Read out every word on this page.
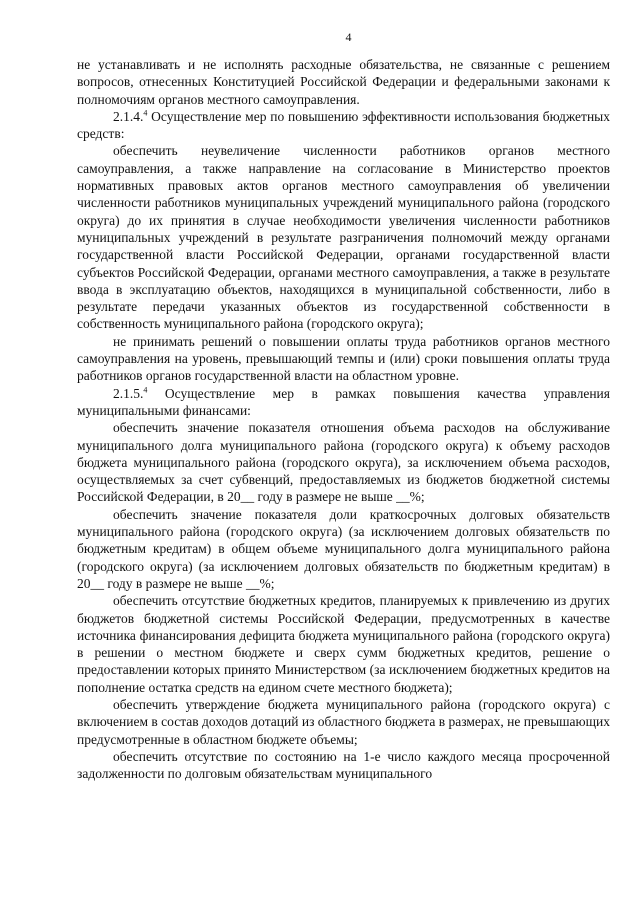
4

не устанавливать и не исполнять расходные обязательства, не связанные с решением вопросов, отнесенных Конституцией Российской Федерации и федеральными законами к полномочиям органов местного самоуправления.

2.1.4.$^4$ Осуществление мер по повышению эффективности использования бюджетных средств:

обеспечить неувеличение численности работников органов местного самоуправления, а также направление на согласование в Министерство проектов нормативных правовых актов органов местного самоуправления об увеличении численности работников муниципальных учреждений муниципального района (городского округа) до их принятия в случае необходимости увеличения численности работников муниципальных учреждений в результате разграничения полномочий между органами государственной власти Российской Федерации, органами государственной власти субъектов Российской Федерации, органами местного самоуправления, а также в результате ввода в эксплуатацию объектов, находящихся в муниципальной собственности, либо в результате передачи указанных объектов из государственной собственности в собственность муниципального района (городского округа);

не принимать решений о повышении оплаты труда работников органов местного самоуправления на уровень, превышающий темпы и (или) сроки повышения оплаты труда работников органов государственной власти на областном уровне.

2.1.5.$^4$ Осуществление мер в рамках повышения качества управления муниципальными финансами:

обеспечить значение показателя отношения объема расходов на обслуживание муниципального долга муниципального района (городского округа) к объему расходов бюджета муниципального района (городского округа), за исключением объема расходов, осуществляемых за счет субвенций, предоставляемых из бюджетов бюджетной системы Российской Федерации, в 20__ году в размере не выше __%;

обеспечить значение показателя доли краткосрочных долговых обязательств муниципального района (городского округа) (за исключением долговых обязательств по бюджетным кредитам) в общем объеме муниципального долга муниципального района (городского округа) (за исключением долговых обязательств по бюджетным кредитам) в 20__ году в размере не выше __%;

обеспечить отсутствие бюджетных кредитов, планируемых к привлечению из других бюджетов бюджетной системы Российской Федерации, предусмотренных в качестве источника финансирования дефицита бюджета муниципального района (городского округа) в решении о местном бюджете и сверх сумм бюджетных кредитов, решение о предоставлении которых принято Министерством (за исключением бюджетных кредитов на пополнение остатка средств на едином счете местного бюджета);

обеспечить утверждение бюджета муниципального района (городского округа) с включением в состав доходов дотаций из областного бюджета в размерах, не превышающих предусмотренные в областном бюджете объемы;

обеспечить отсутствие по состоянию на 1-е число каждого месяца просроченной задолженности по долговым обязательствам муниципального
